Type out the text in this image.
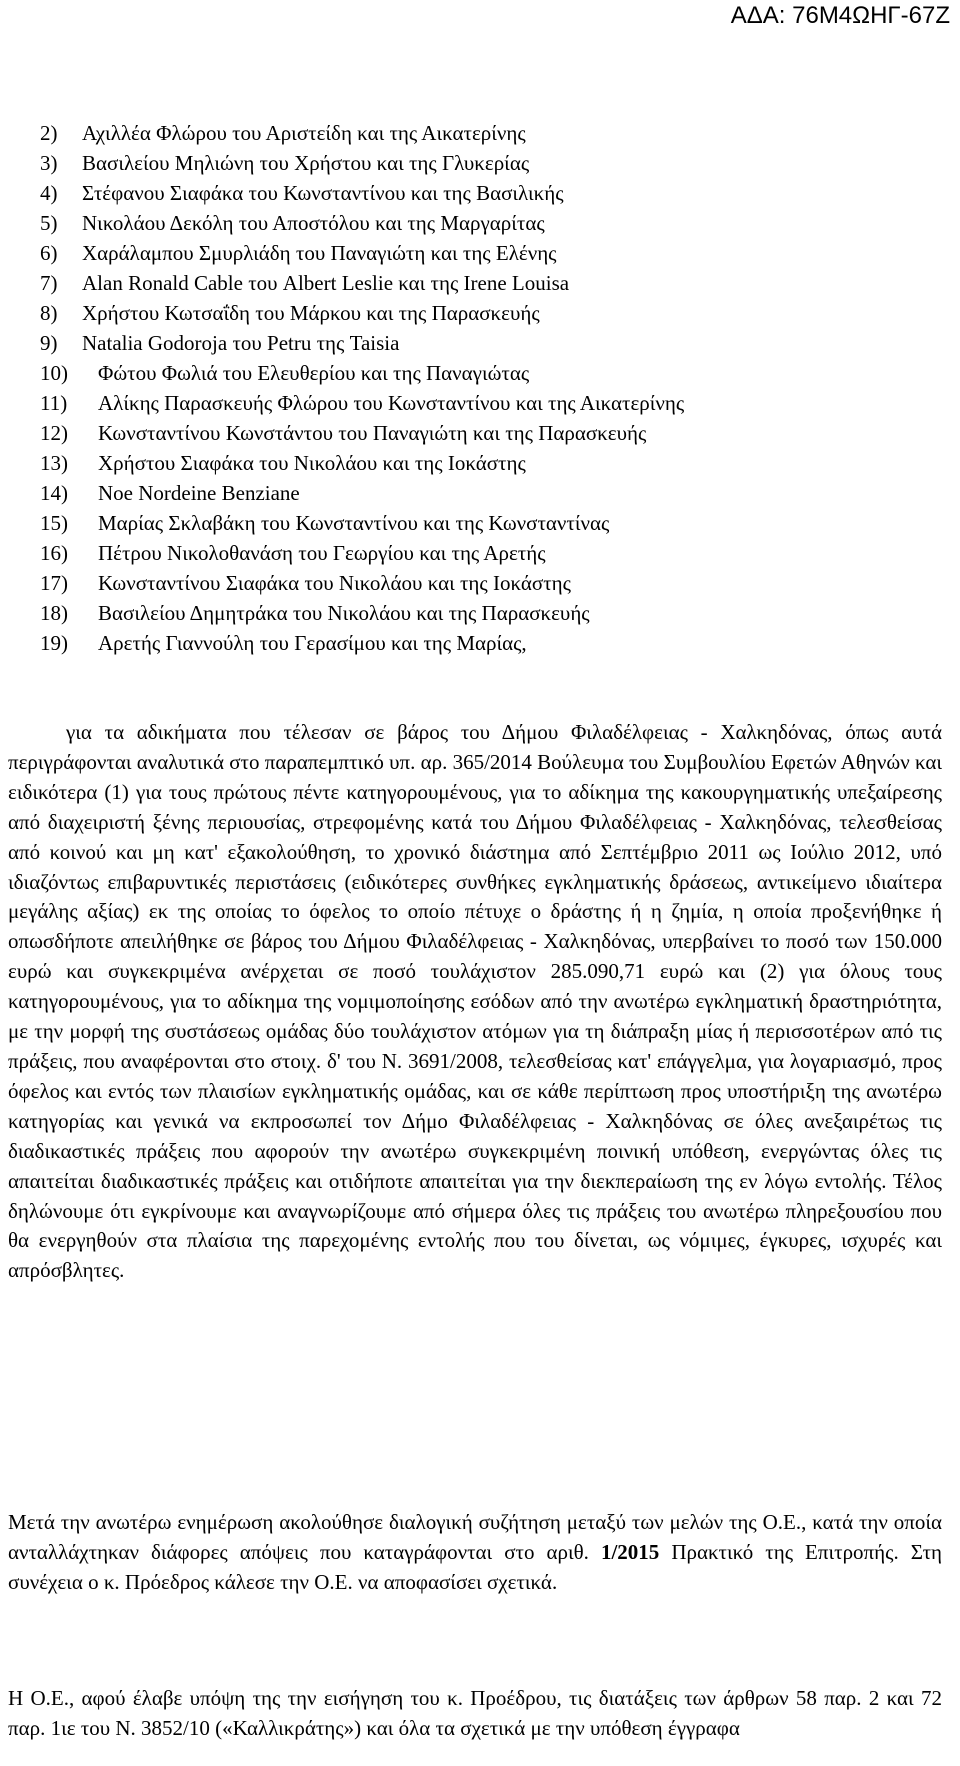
ΑΔΑ: 76Μ4ΩΗΓ-67Ζ
2) Αχιλλέα Φλώρου του Αριστείδη και της Αικατερίνης
3) Βασιλείου Μηλιώνη του Χρήστου και της Γλυκερίας
4) Στέφανου Σιαφάκα του Κωνσταντίνου και της Βασιλικής
5) Νικολάου Δεκόλη του Αποστόλου και της Μαργαρίτας
6) Χαράλαμπου Σμυρλιάδη του Παναγιώτη και της Ελένης
7) Alan Ronald Cable του Albert Leslie και της Irene Louisa
8) Χρήστου Κωτσαΐδη του Μάρκου και της Παρασκευής
9) Natalia Godoroja του Petru της Taisia
10) Φώτου Φωλιά του Ελευθερίου και της Παναγιώτας
11) Αλίκης Παρασκευής Φλώρου του Κωνσταντίνου και της Αικατερίνης
12) Κωνσταντίνου Κωνστάντου του Παναγιώτη και της Παρασκευής
13) Χρήστου Σιαφάκα του Νικολάου και της Ιοκάστης
14) Noe Nordeine Benziane
15) Μαρίας Σκλαβάκη του Κωνσταντίνου και της Κωνσταντίνας
16) Πέτρου Νικολοθανάση του Γεωργίου και της Αρετής
17) Κωνσταντίνου Σιαφάκα του Νικολάου και της Ιοκάστης
18) Βασιλείου Δημητράκα του Νικολάου και της Παρασκευής
19) Αρετής Γιαννούλη του Γερασίμου και της Μαρίας,

για τα αδικήματα που τέλεσαν σε βάρος του Δήμου Φιλαδέλφειας - Χαλκηδόνας, όπως αυτά περιγράφονται αναλυτικά στο παραπεμπτικό υπ. αρ. 365/2014 Βούλευμα του Συμβουλίου Εφετών Αθηνών και ειδικότερα (1) για τους πρώτους πέντε κατηγορουμένους, για το αδίκημα της κακουργηματικής υπεξαίρεσης από διαχειριστή ξένης περιουσίας, στρεφομένης κατά του Δήμου Φιλαδέλφειας - Χαλκηδόνας, τελεσθείσας από κοινού και μη κατ' εξακολούθηση, το χρονικό διάστημα από Σεπτέμβριο 2011 ως Ιούλιο 2012, υπό ιδιαζόντως επιβαρυντικές περιστάσεις (ειδικότερες συνθήκες εγκληματικής δράσεως, αντικείμενο ιδιαίτερα μεγάλης αξίας) εκ της οποίας το όφελος το οποίο πέτυχε ο δράστης ή η ζημία, η οποία προξενήθηκε ή οπωσδήποτε απειλήθηκε σε βάρος του Δήμου Φιλαδέλφειας - Χαλκηδόνας, υπερβαίνει το ποσό των 150.000 ευρώ και συγκεκριμένα ανέρχεται σε ποσό τουλάχιστον 285.090,71 ευρώ και (2) για όλους τους κατηγορουμένους, για το αδίκημα της νομιμοποίησης εσόδων από την ανωτέρω εγκληματική δραστηριότητα, με την μορφή της συστάσεως ομάδας δύο τουλάχιστον ατόμων για τη διάπραξη μίας ή περισσοτέρων από τις πράξεις, που αναφέρονται στο στοιχ. δ' του Ν. 3691/2008, τελεσθείσας κατ' επάγγελμα, για λογαριασμό, προς όφελος και εντός των πλαισίων εγκληματικής ομάδας, και σε κάθε περίπτωση προς υποστήριξη της ανωτέρω κατηγορίας και γενικά να εκπροσωπεί τον Δήμο Φιλαδέλφειας - Χαλκηδόνας σε όλες ανεξαιρέτως τις διαδικαστικές πράξεις που αφορούν την ανωτέρω συγκεκριμένη ποινική υπόθεση, ενεργώντας όλες τις απαιτείται διαδικαστικές πράξεις και οτιδήποτε απαιτείται για την διεκπεραίωση της εν λόγω εντολής. Τέλος δηλώνουμε ότι εγκρίνουμε και αναγνωρίζουμε από σήμερα όλες τις πράξεις του ανωτέρω πληρεξουσίου που θα ενεργηθούν στα πλαίσια της παρεχομένης εντολής που του δίνεται, ως νόμιμες, έγκυρες, ισχυρές και απρόσβλητες.

Μετά την ανωτέρω ενημέρωση ακολούθησε διαλογική συζήτηση μεταξύ των μελών της Ο.Ε., κατά την οποία ανταλλάχτηκαν διάφορες απόψεις που καταγράφονται στο αριθ. 1/2015 Πρακτικό της Επιτροπής. Στη συνέχεια ο κ. Πρόεδρος κάλεσε την Ο.Ε. να αποφασίσει σχετικά.

Η Ο.Ε., αφού έλαβε υπόψη της την εισήγηση του κ. Προέδρου, τις διατάξεις των άρθρων 58 παρ. 2 και 72 παρ. 1ιε του Ν. 3852/10 («Καλλικράτης») και όλα τα σχετικά με την υπόθεση έγγραφα
